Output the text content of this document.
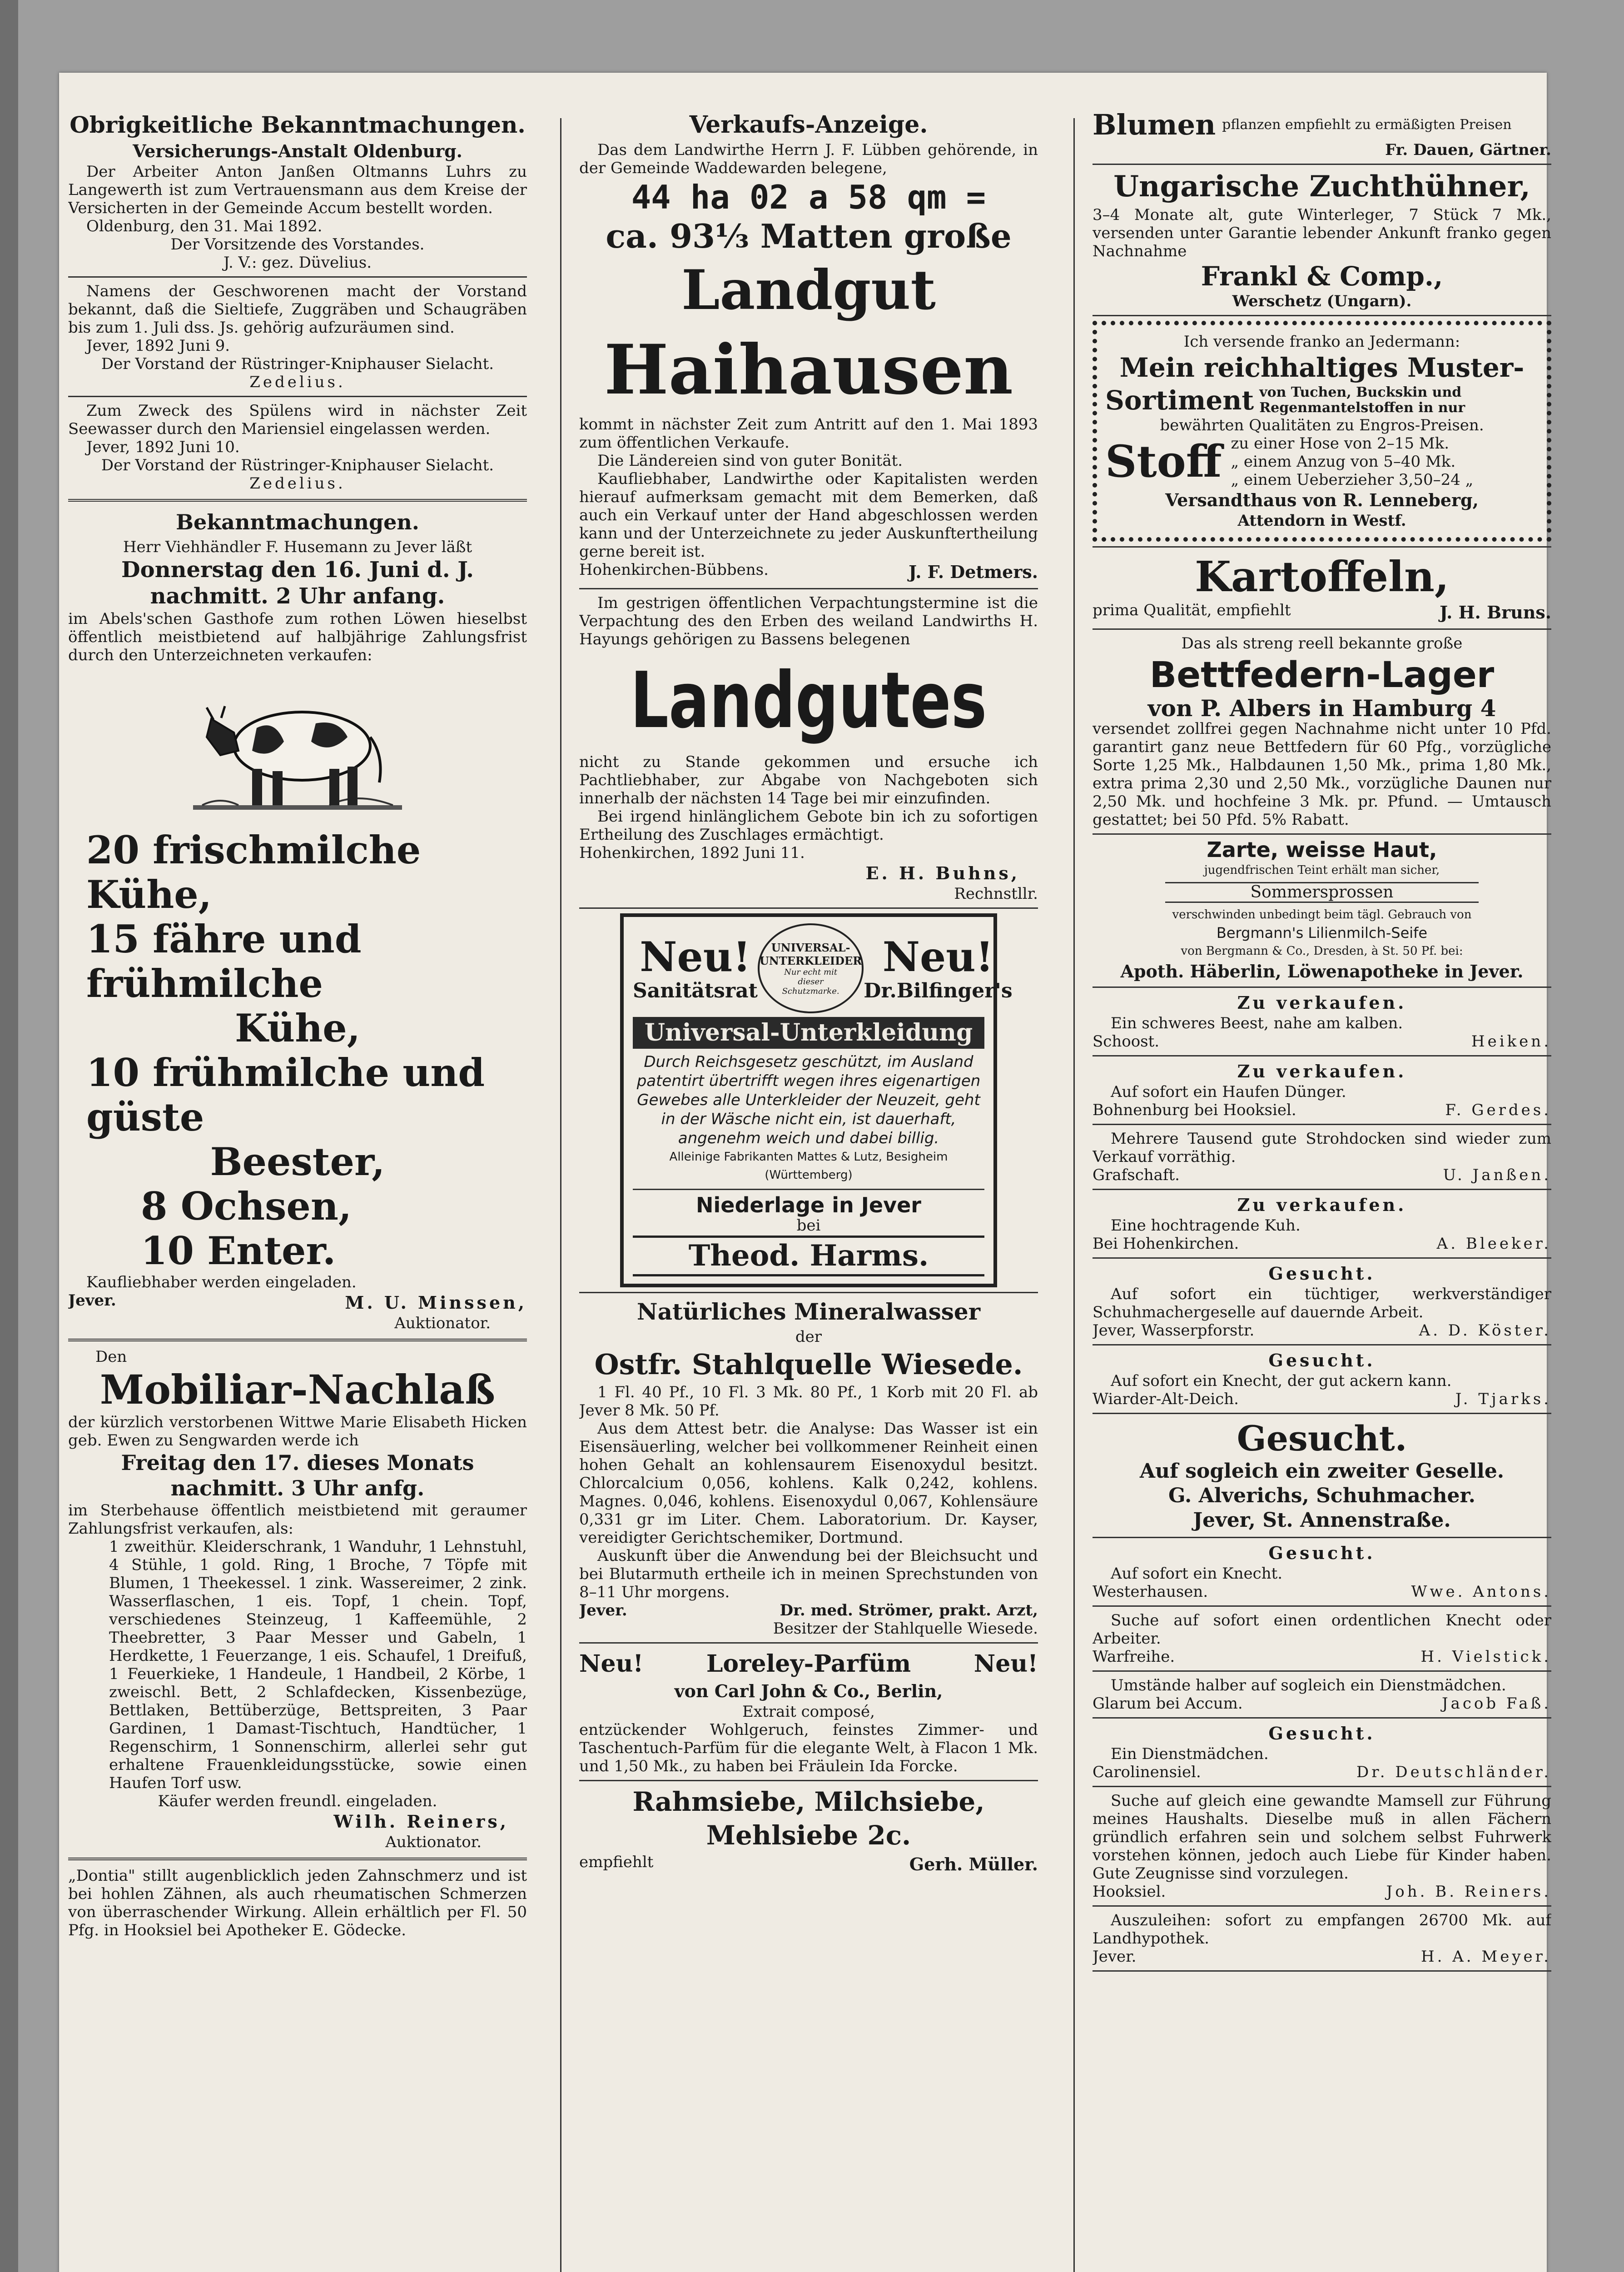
Obrigkeitliche Bekanntmachungen.

Versicherungs-Anstalt Oldenburg.

Der Arbeiter Anton Janßen Oltmanns Luhrs zu Langewerth ist zum Vertrauensmann aus dem Kreise der Versicherten in der Gemeinde Accum bestellt worden.

Oldenburg, den 31. Mai 1892.

Der Vorsitzende des Vorstandes.

J. V.: gez. Düvelius.

Namens der Geschworenen macht der Vorstand bekannt, daß die Sieltiefe, Zuggräben und Schaugräben bis zum 1. Juli dss. Js. gehörig aufzuräumen sind.

Jever, 1892 Juni 9.

Der Vorstand der Rüstringer-Kniphauser Sielacht.

Zedelius.

Zum Zweck des Spülens wird in nächster Zeit Seewasser durch den Mariensiel eingelassen werden.

Jever, 1892 Juni 10.

Der Vorstand der Rüstringer-Kniphauser Sielacht.

Zedelius.

Bekanntmachungen.

Herr Viehhändler F. Husemann zu Jever läßt

Donnerstag den 16. Juni d. J.

nachmitt. 2 Uhr anfang.

im Abels'schen Gasthofe zum rothen Löwen hieselbst öffentlich meistbietend auf halbjährige Zahlungsfrist durch den Unterzeichneten verkaufen:

20 frischmilche Kühe,

15 fähre und frühmilche

Kühe,

10 frühmilche und güste

Beester,

8 Ochsen,

10 Enter.

Kaufliebhaber werden eingeladen.

Jever.	M. U. Minssen,

Auktionator.

Den

Mobiliar-Nachlaß

der kürzlich verstorbenen Wittwe Marie Elisabeth Hicken geb. Ewen zu Sengwarden werde ich

Freitag den 17. dieses Monats

nachmitt. 3 Uhr anfg.

im Sterbehause öffentlich meistbietend mit geraumer Zahlungsfrist verkaufen, als:

1 zweithür. Kleiderschrank, 1 Wanduhr, 1 Lehnstuhl, 4 Stühle, 1 gold. Ring, 1 Broche, 7 Töpfe mit Blumen, 1 Theekessel. 1 zink. Wassereimer, 2 zink. Wasserflaschen, 1 eis. Topf, 1 chein. Topf, verschiedenes Steinzeug, 1 Kaffeemühle, 2 Theebretter, 3 Paar Messer und Gabeln, 1 Herdkette, 1 Feuerzange, 1 eis. Schaufel, 1 Dreifuß, 1 Feuerkieke, 1 Handeule, 1 Handbeil, 2 Körbe, 1 zweischl. Bett, 2 Schlafdecken, Kissenbezüge, Bettlaken, Bettüberzüge, Bettspreiten, 3 Paar Gardinen, 1 Damast-Tischtuch, Handtücher, 1 Regenschirm, 1 Sonnenschirm, allerlei sehr gut erhaltene Frauenkleidungsstücke, sowie einen Haufen Torf usw.

Käufer werden freundl. eingeladen.

Wilh. Reiners,

Auktionator.

„Dontia" stillt augenblicklich jeden Zahnschmerz und ist bei hohlen Zähnen, als auch rheumatischen Schmerzen von überraschender Wirkung. Allein erhältlich per Fl. 50 Pfg. in Hooksiel bei Apotheker E. Gödecke.

Verkaufs-Anzeige.

Das dem Landwirthe Herrn J. F. Lübben gehörende, in der Gemeinde Waddewarden belegene,

44 ha 02 a 58 qm =

ca. 93⅓ Matten große

Landgut

Haihausen

kommt in nächster Zeit zum Antritt auf den 1. Mai 1893 zum öffentlichen Verkaufe.

Die Ländereien sind von guter Bonität.

Kaufliebhaber, Landwirthe oder Kapitalisten werden hierauf aufmerksam gemacht mit dem Bemerken, daß auch ein Verkauf unter der Hand abgeschlossen werden kann und der Unterzeichnete zu jeder Auskunftertheilung gerne bereit ist.

Hohenkirchen-Bübbens.	J. F. Detmers.

Im gestrigen öffentlichen Verpachtungstermine ist die Verpachtung des den Erben des weiland Landwirths H. Hayungs gehörigen zu Bassens belegenen

Landgutes

nicht zu Stande gekommen und ersuche ich Pachtliebhaber, zur Abgabe von Nachgeboten sich innerhalb der nächsten 14 Tage bei mir einzufinden.

Bei irgend hinlänglichem Gebote bin ich zu sofortigen Ertheilung des Zuschlages ermächtigt.

Hohenkirchen, 1892 Juni 11.

E. H. Buhns,

Rechnstllr.

Neu!
Sanitätsrat
UNIVERSAL-
UNTERKLEIDER
Nur echt mit dieser Schutzmarke.
Neu!
Dr.Bilfinger's
Universal-Unterkleidung

Durch Reichsgesetz geschützt, im Ausland patentirt übertrifft wegen ihres eigenartigen Gewebes alle Unterkleider der Neuzeit, geht in der Wäsche nicht ein, ist dauerhaft, angenehm weich und dabei billig.

Alleinige Fabrikanten Mattes & Lutz, Besigheim (Württemberg)

Niederlage in Jever

bei

Theod. Harms.

Natürliches Mineralwasser

der

Ostfr. Stahlquelle Wiesede.

1 Fl. 40 Pf., 10 Fl. 3 Mk. 80 Pf., 1 Korb mit 20 Fl. ab Jever 8 Mk. 50 Pf.

Aus dem Attest betr. die Analyse: Das Wasser ist ein Eisensäuerling, welcher bei vollkommener Reinheit einen hohen Gehalt an kohlensaurem Eisenoxydul besitzt. Chlorcalcium 0,056, kohlens. Kalk 0,242, kohlens. Magnes. 0,046, kohlens. Eisenoxydul 0,067, Kohlensäure 0,331 gr im Liter. Chem. Laboratorium. Dr. Kayser, vereidigter Gerichtschemiker, Dortmund.

Auskunft über die Anwendung bei der Bleichsucht und bei Blutarmuth ertheile ich in meinen Sprechstunden von 8–11 Uhr morgens.

Jever.	Dr. med. Strömer, prakt. Arzt,

Besitzer der Stahlquelle Wiesede.

Neu!	Loreley-Parfüm	Neu!

von Carl John & Co., Berlin,

Extrait composé,

entzückender Wohlgeruch, feinstes Zimmer- und Taschentuch-Parfüm für die elegante Welt, à Flacon 1 Mk. und 1,50 Mk., zu haben bei Fräulein Ida Forcke.

Rahmsiebe, Milchsiebe,

Mehlsiebe 2c.

empfiehlt	Gerh. Müller.
Blumen pflanzen empfiehlt zu ermäßigten Preisen

Fr. Dauen, Gärtner.

Ungarische Zuchthühner,

3–4 Monate alt, gute Winterleger, 7 Stück 7 Mk., versenden unter Garantie lebender Ankunft franko gegen Nachnahme

Frankl & Comp.,

Werschetz (Ungarn).

Ich versende franko an Jedermann:

Mein reichhaltiges Muster-

Sortiment von Tuchen, Buckskin und Regenmantelstoffen in nur

bewährten Qualitäten zu Engros-Preisen.

Stoff zu einer Hose von 2–15 Mk.

„ einem Anzug von 5–40 Mk.

„ einem Ueberzieher 3,50–24 „

Versandthaus von R. Lenneberg,

Attendorn in Westf.

Kartoffeln,

prima Qualität, empfiehlt	J. H. Bruns.

Das als streng reell bekannte große

Bettfedern-Lager

von P. Albers in Hamburg 4

versendet zollfrei gegen Nachnahme nicht unter 10 Pfd. garantirt ganz neue Bettfedern für 60 Pfg., vorzügliche Sorte 1,25 Mk., Halbdaunen 1,50 Mk., prima 1,80 Mk., extra prima 2,30 und 2,50 Mk., vorzügliche Daunen nur 2,50 Mk. und hochfeine 3 Mk. pr. Pfund. — Umtausch gestattet; bei 50 Pfd. 5% Rabatt.

Zarte, weisse Haut,

jugendfrischen Teint erhält man sicher,

Sommersprossen

verschwinden unbedingt beim tägl. Gebrauch von

Bergmann's Lilienmilch-Seife

von Bergmann & Co., Dresden, à St. 50 Pf. bei:

Apoth. Häberlin, Löwenapotheke in Jever.

Zu verkaufen.

Ein schweres Beest, nahe am kalben.

Schoost.	Heiken.

Zu verkaufen.

Auf sofort ein Haufen Dünger.

Bohnenburg bei Hooksiel.	F. Gerdes.

Mehrere Tausend gute Strohdocken sind wieder zum Verkauf vorräthig.

Grafschaft.	U. Janßen.

Zu verkaufen.

Eine hochtragende Kuh.

Bei Hohenkirchen.	A. Bleeker.

Gesucht.

Auf sofort ein tüchtiger, werkverständiger Schuhmachergeselle auf dauernde Arbeit.

Jever, Wasserpforstr.	A. D. Köster.

Gesucht.

Auf sofort ein Knecht, der gut ackern kann.

Wiarder-Alt-Deich.	J. Tjarks.

Gesucht.

Auf sogleich ein zweiter Geselle.

G. Alverichs, Schuhmacher.

Jever, St. Annenstraße.

Gesucht.

Auf sofort ein Knecht.

Westerhausen.	Wwe. Antons.

Suche auf sofort einen ordentlichen Knecht oder Arbeiter.

Warfreihe.	H. Vielstick.

Umstände halber auf sogleich ein Dienstmädchen.

Glarum bei Accum.	Jacob Faß.

Gesucht.

Ein Dienstmädchen.

Carolinensiel.	Dr. Deutschländer.

Suche auf gleich eine gewandte Mamsell zur Führung meines Haushalts. Dieselbe muß in allen Fächern gründlich erfahren sein und solchem selbst Fuhrwerk vorstehen können, jedoch auch Liebe für Kinder haben. Gute Zeugnisse sind vorzulegen.

Hooksiel.	Joh. B. Reiners.

Auszuleihen: sofort zu empfangen 26700 Mk. auf Landhypothek.

Jever.	H. A. Meyer.
